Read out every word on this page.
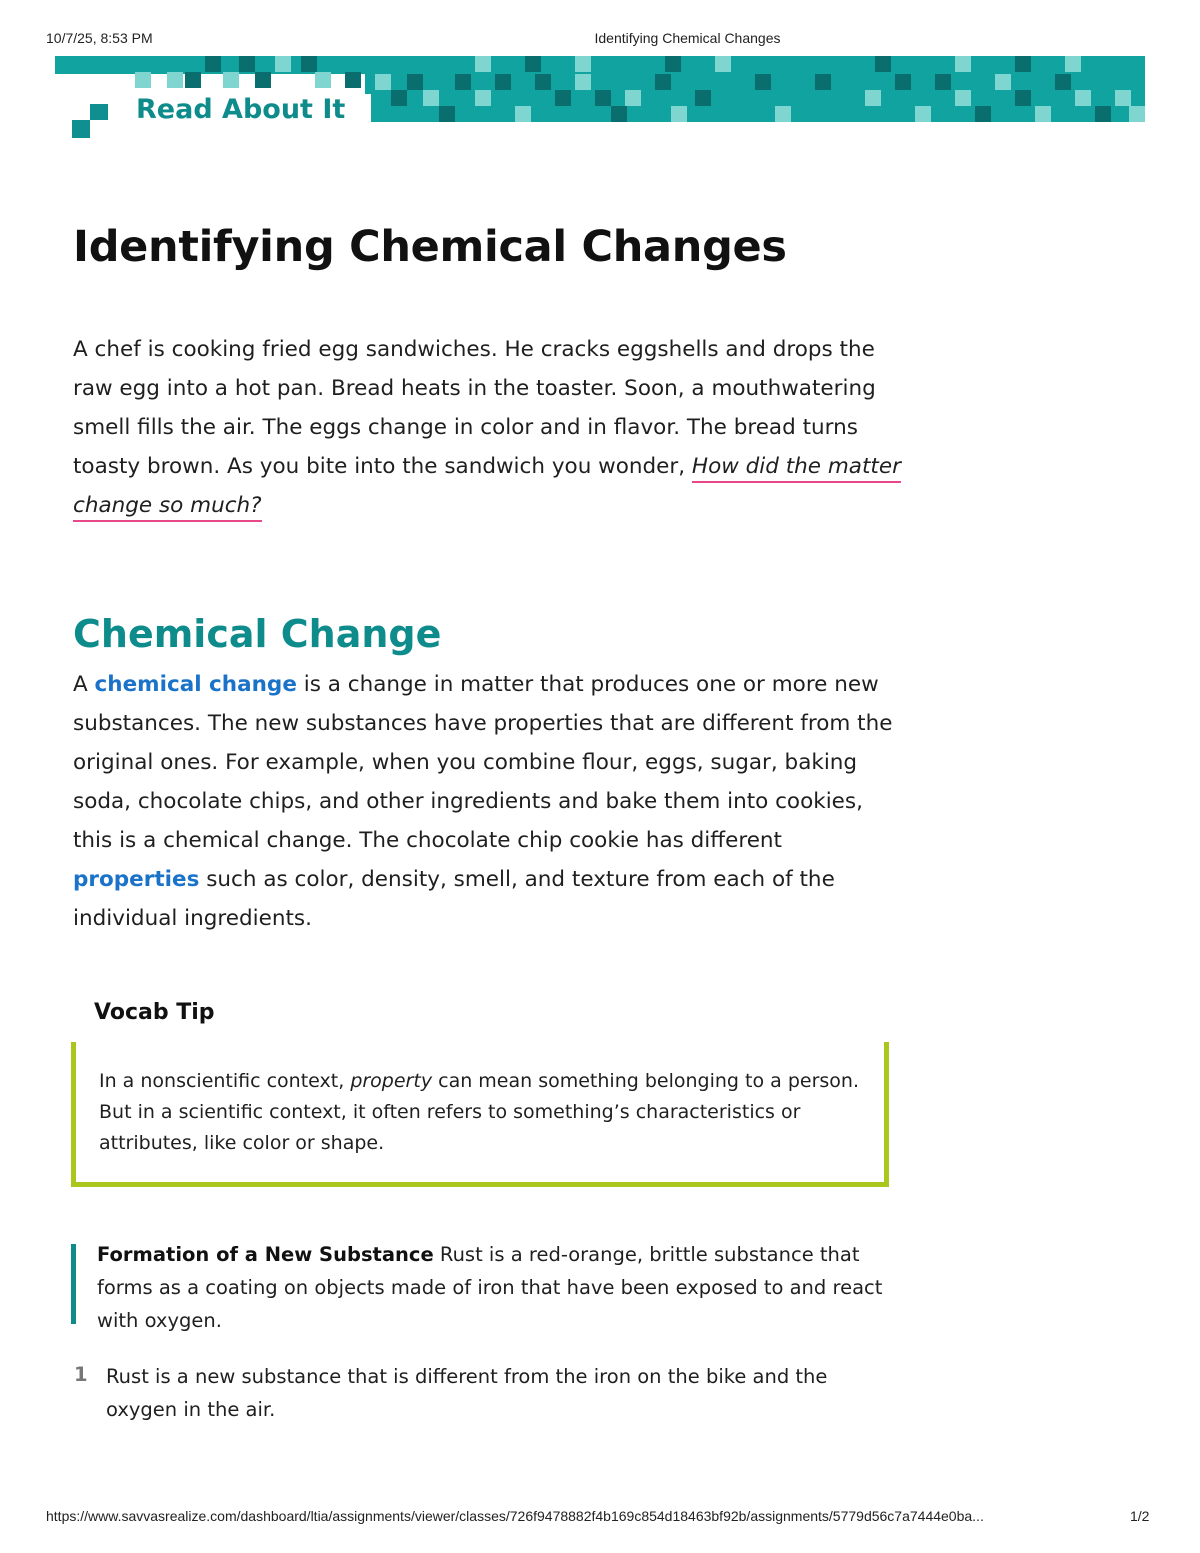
10/7/25, 8:53 PM	Identifying Chemical Changes
Read About It
Identifying Chemical Changes

A chef is cooking fried egg sandwiches. He cracks eggshells and drops the raw egg into a hot pan. Bread heats in the toaster. Soon, a mouthwatering smell fills the air. The eggs change in color and in flavor. The bread turns toasty brown. As you bite into the sandwich you wonder, How did the matter change so much?

Chemical Change

A chemical change is a change in matter that produces one or more new substances. The new substances have properties that are different from the original ones. For example, when you combine flour, eggs, sugar, baking soda, chocolate chips, and other ingredients and bake them into cookies, this is a chemical change. The chocolate chip cookie has different properties such as color, density, smell, and texture from each of the individual ingredients.

Vocab Tip

In a nonscientific context, property can mean something belonging to a person. But in a scientific context, it often refers to something’s characteristics or attributes, like color or shape.

Formation of a New Substance Rust is a red-orange, brittle substance that forms as a coating on objects made of iron that have been exposed to and react with oxygen.

1 Rust is a new substance that is different from the iron on the bike and the oxygen in the air.

https://www.savvasrealize.com/dashboard/ltia/assignments/viewer/classes/726f9478882f4b169c854d18463bf92b/assignments/5779d56c7a7444e0ba...	1/2
